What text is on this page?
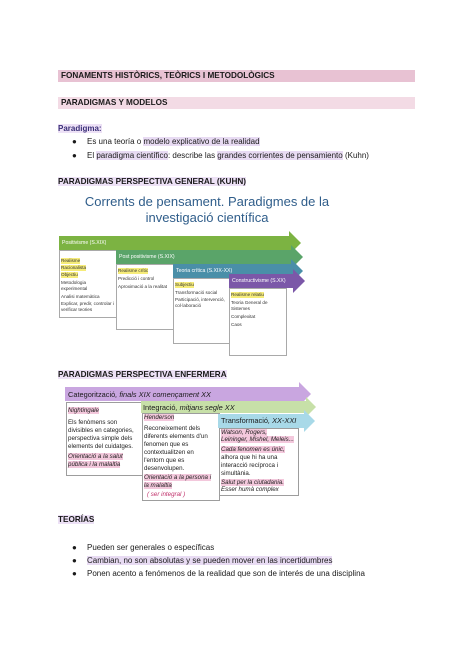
FONAMENTS HISTÒRICS, TEÒRICS I METODOLÒGICS
PARADIGMAS Y MODELOS
Paradigma:
● Es una teoría o modelo explicativo de la realidad
● El paradigma científico: describe las grandes corrientes de pensamiento (Kuhn)
PARADIGMAS PERSPECTIVA GENERAL (KUHN)
Corrents de pensament. Paradigmes de la
investigació científica
Positivisme (S.XIX)
Realisme
Racionalista
Objectiu
Metodologia
experimental
Analisi matemàtica
Explicar, predir, controlar i
verificar teories
Post positivisme (S.XIX)
Realisme crític
Predicció i control
Aproximació a la realitat
Teoria crítica (S.XIX-XX)
Subjectiu
Transformació social
Participació, intervenció,
col·laboració
Constructivisme (S.XX)
Realisme relatiu
Teoria General de
Sistemes
Complexitat
Caos
PARADIGMAS PERSPECTIVA ENFERMERA
Categorització, finals XIX començament XX
Nightingale
Els fenòmens son
divisibles en categories,
perspectiva simple dels
elements del cuidatges.
Orientació a la salut
pública i la malaltia
Integració, mitjans segle XX
Henderson
Reconeixement dels
diferents elements d'un
fenomen que es
contextualitzen en
l'entorn que es
desenvolupen.
Orientació a la persona i
la malaltia
( ser integral )
Transformació, XX-XXI
Watson, Rogers,
Leininger, Mishel, Meleis...
Cada fenomen es únic,
alhora que hi ha una
interacció recíproca i
simultània.
Salut per la ciutadania.
Esser humà complex
TEORÍAS
● Pueden ser generales o específicas
● Cambian, no son absolutas y se pueden mover en las incertidumbres
● Ponen acento a fenómenos de la realidad que son de interés de una disciplina
